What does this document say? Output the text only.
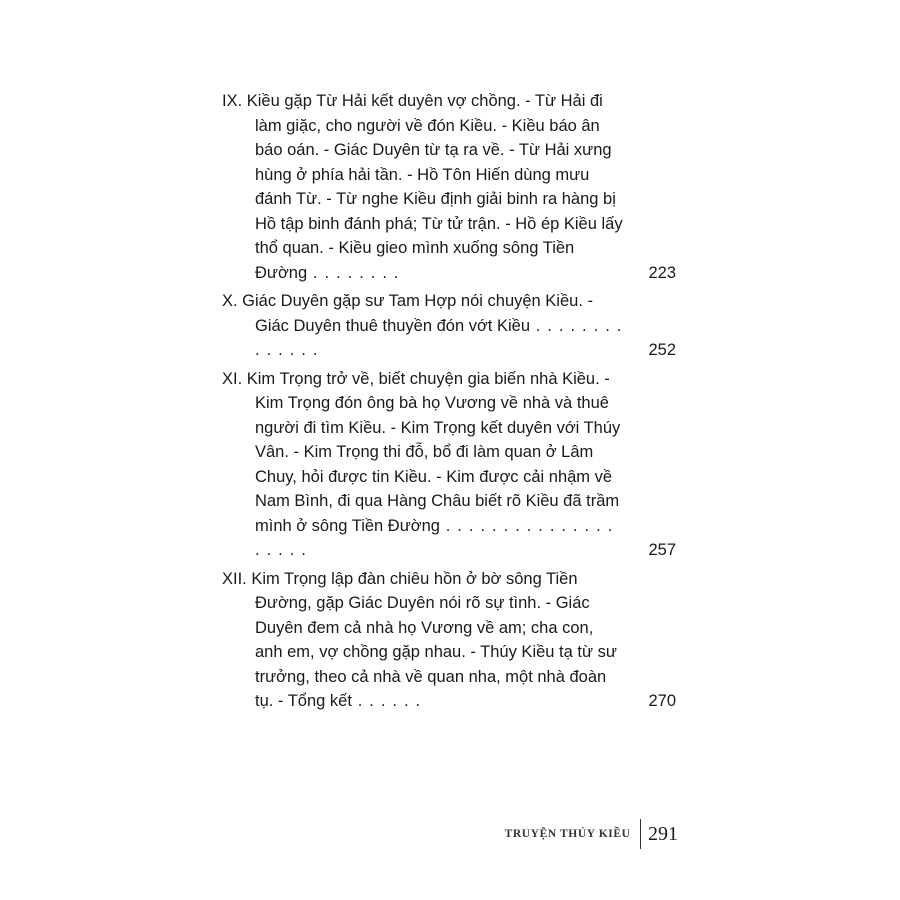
IX. Kiều gặp Từ Hải kết duyên vợ chồng. - Từ Hải đi làm giặc, cho người về đón Kiều. - Kiều báo ân báo oán. - Giác Duyên từ tạ ra về. - Từ Hải xưng hùng ở phía hải tần. - Hồ Tôn Hiến dùng mưu đánh Từ. - Từ nghe Kiều định giải binh ra hàng bị Hồ tập binh đánh phá; Từ tử trận. - Hồ ép Kiều lấy thổ quan. - Kiều gieo mình xuống sông Tiền Đường . . . . . . . .	223
X. Giác Duyên gặp sư Tam Hợp nói chuyện Kiều. - Giác Duyên thuê thuyền đón vớt Kiều . . . . . . . . . . . . . .	252
XI. Kim Trọng trở về, biết chuyện gia biến nhà Kiều. - Kim Trọng đón ông bà họ Vương về nhà và thuê người đi tìm Kiều. - Kim Trọng kết duyên với Thúy Vân. - Kim Trọng thi đỗ, bổ đi làm quan ở Lâm Chuy, hỏi được tin Kiều. - Kim được cải nhậm về Nam Bình, đi qua Hàng Châu biết rõ Kiều đã trầm mình ở sông Tiền Đường . . . . . . . . . . . . . . . . . . . .	257
XII. Kim Trọng lập đàn chiêu hồn ở bờ sông Tiền Đường, gặp Giác Duyên nói rõ sự tình. - Giác Duyên đem cả nhà họ Vương về am; cha con, anh em, vợ chồng gặp nhau. - Thúy Kiều tạ từ sư trưởng, theo cả nhà về quan nha, một nhà đoàn tụ. - Tổng kết . . . . . .	270
TRUYỆN THÚY KIỀU 291
